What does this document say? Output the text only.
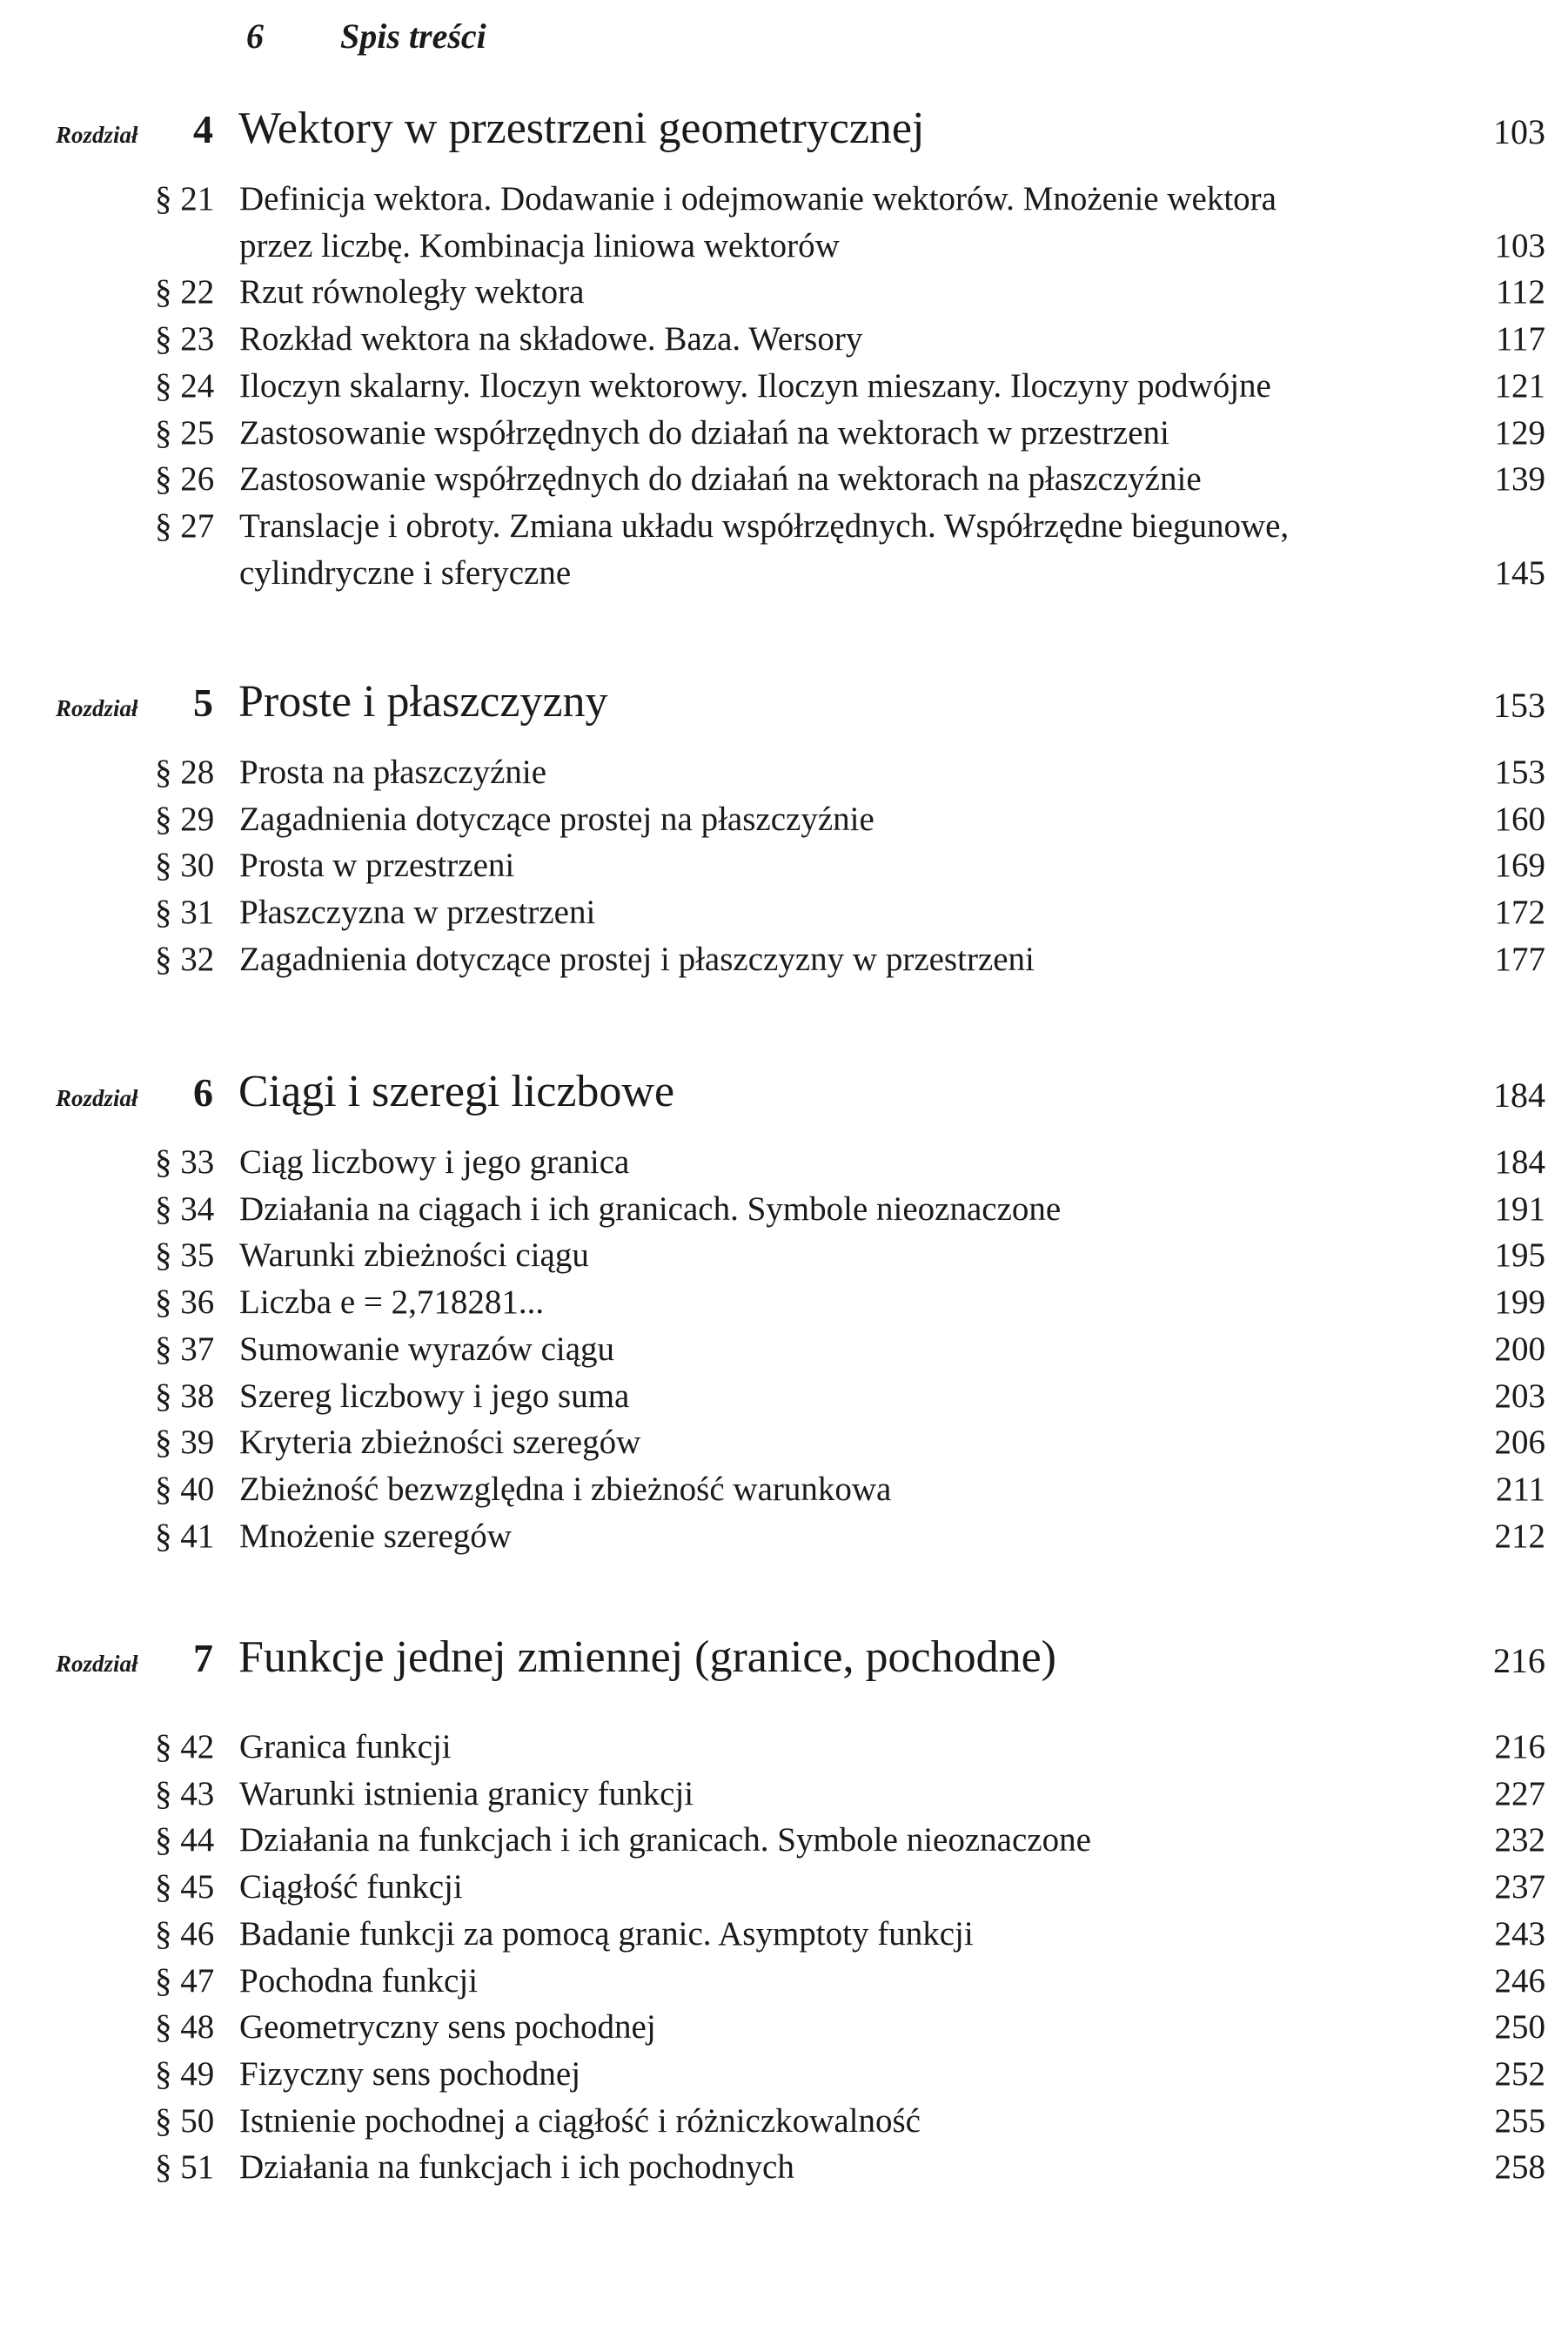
6 Spis treści
Rozdział 4 Wektory w przestrzeni geometrycznej	103
§ 21 Definicja wektora. Dodawanie i odejmowanie wektorów. Mnożenie wektora
przez liczbę. Kombinacja liniowa wektorów	103
§ 22 Rzut równoległy wektora	112
§ 23 Rozkład wektora na składowe. Baza. Wersory	117
§ 24 Iloczyn skalarny. Iloczyn wektorowy. Iloczyn mieszany. Iloczyny podwójne	121
§ 25 Zastosowanie współrzędnych do działań na wektorach w przestrzeni	129
§ 26 Zastosowanie współrzędnych do działań na wektorach na płaszczyźnie	139
§ 27 Translacje i obroty. Zmiana układu współrzędnych. Współrzędne biegunowe,
cylindryczne i sferyczne	145
Rozdział 5 Proste i płaszczyzny	153
§ 28 Prosta na płaszczyźnie	153
§ 29 Zagadnienia dotyczące prostej na płaszczyźnie	160
§ 30 Prosta w przestrzeni	169
§ 31 Płaszczyzna w przestrzeni	172
§ 32 Zagadnienia dotyczące prostej i płaszczyzny w przestrzeni	177
Rozdział 6 Ciągi i szeregi liczbowe	184
§ 33 Ciąg liczbowy i jego granica	184
§ 34 Działania na ciągach i ich granicach. Symbole nieoznaczone	191
§ 35 Warunki zbieżności ciągu	195
§ 36 Liczba e = 2,718281...	199
§ 37 Sumowanie wyrazów ciągu	200
§ 38 Szereg liczbowy i jego suma	203
§ 39 Kryteria zbieżności szeregów	206
§ 40 Zbieżność bezwzględna i zbieżność warunkowa	211
§ 41 Mnożenie szeregów	212
Rozdział 7 Funkcje jednej zmiennej (granice, pochodne)	216
§ 42 Granica funkcji	216
§ 43 Warunki istnienia granicy funkcji	227
§ 44 Działania na funkcjach i ich granicach. Symbole nieoznaczone	232
§ 45 Ciągłość funkcji	237
§ 46 Badanie funkcji za pomocą granic. Asymptoty funkcji	243
§ 47 Pochodna funkcji	246
§ 48 Geometryczny sens pochodnej	250
§ 49 Fizyczny sens pochodnej	252
§ 50 Istnienie pochodnej a ciągłość i różniczkowalność	255
§ 51 Działania na funkcjach i ich pochodnych	258
